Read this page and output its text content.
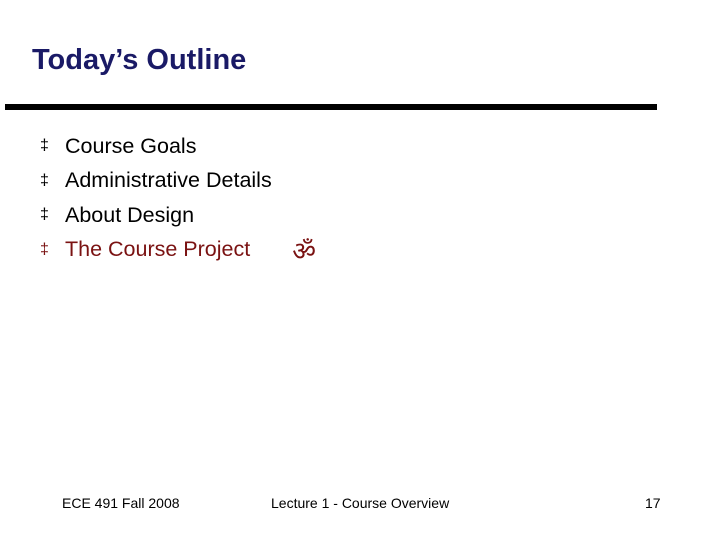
Today’s Outline
‡ Course Goals
‡ Administrative Details
‡ About Design
‡ The Course Project ॐ
ECE 491 Fall 2008	Lecture 1 - Course Overview	17
